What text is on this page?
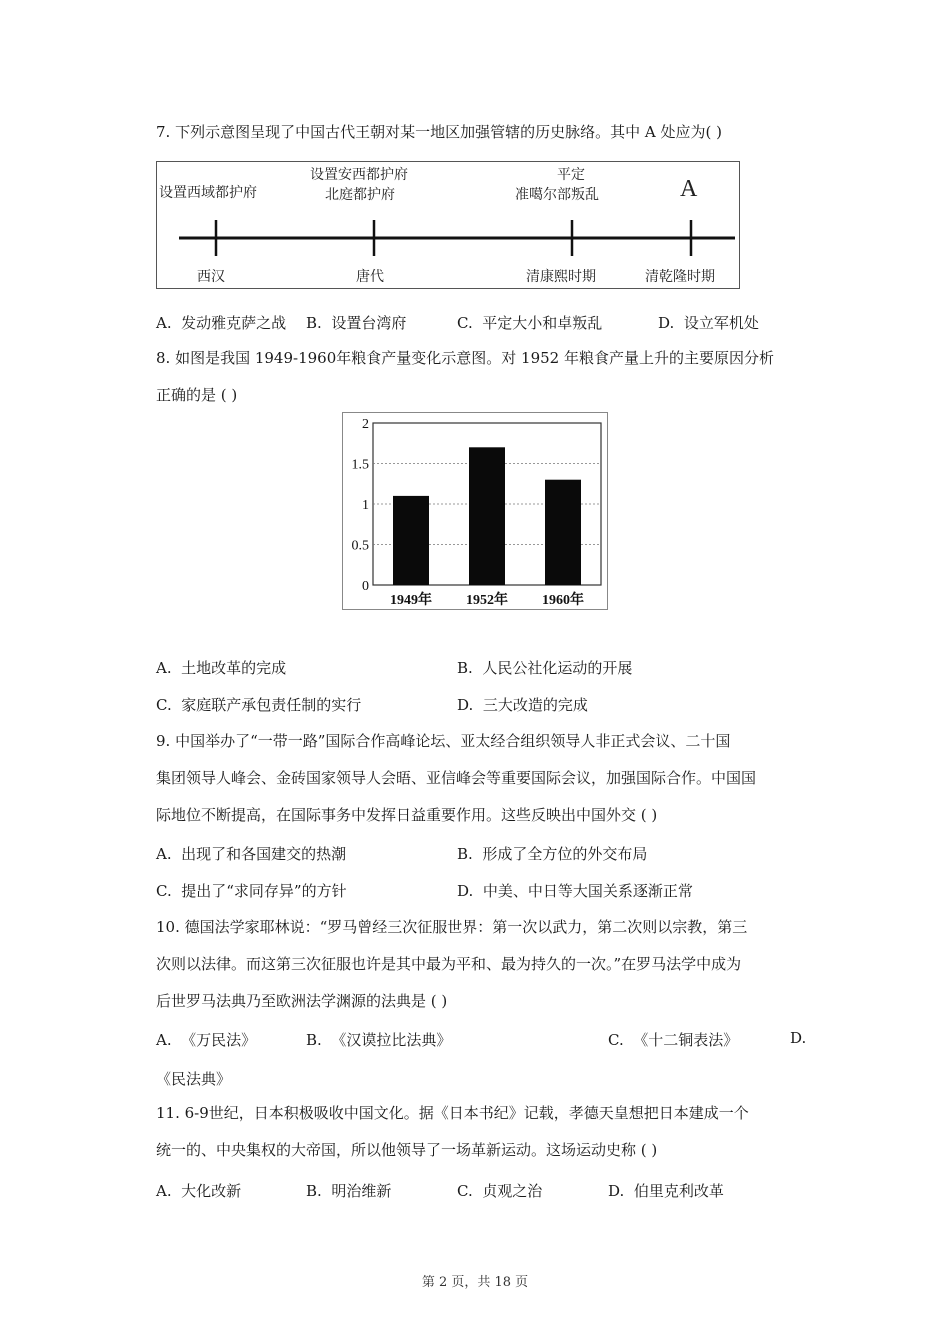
7. 下列示意图呈现了中国古代王朝对某一地区加强管辖的历史脉络。其中 A 处应为( )
设置西域都护府
西汉
设置安西都护府
北庭都护府
唐代
平定
准噶尔部叛乱
清康熙时期
A
清乾隆时期
A. 发动雅克萨之战 B. 设置台湾府	C. 平定大小和卓叛乱	D. 设立军机处
8. 如图是我国 1949-1960年粮食产量变化示意图。对 1952 年粮食产量上升的主要原因分析
正确的是 ( )
0
0.5
1
1.5
2
1949年 1952年 1960年
A. 土地改革的完成	B. 人民公社化运动的开展
C. 家庭联产承包责任制的实行	D. 三大改造的完成
9. 中国举办了“一带一路”国际合作高峰论坛、亚太经合组织领导人非正式会议、二十国
集团领导人峰会、金砖国家领导人会晤、亚信峰会等重要国际会议，加强国际合作。中国国
际地位不断提高，在国际事务中发挥日益重要作用。这些反映出中国外交 ( )
A. 出现了和各国建交的热潮	B. 形成了全方位的外交布局
C. 提出了“求同存异”的方针	D. 中美、中日等大国关系逐渐正常
10. 德国法学家耶林说：“罗马曾经三次征服世界：第一次以武力，第二次则以宗教，第三
次则以法律。而这第三次征服也许是其中最为平和、最为持久的一次。”在罗马法学中成为
后世罗马法典乃至欧洲法学渊源的法典是 ( )
A. 《万民法》	B. 《汉谟拉比法典》	C. 《十二铜表法》	D.
《民法典》
11. 6-9世纪，日本积极吸收中国文化。据《日本书纪》记载，孝德天皇想把日本建成一个
统一的、中央集权的大帝国，所以他领导了一场革新运动。这场运动史称 ( )
A. 大化改新	B. 明治维新	C. 贞观之治	D. 伯里克利改革
第 2 页，共 18 页
